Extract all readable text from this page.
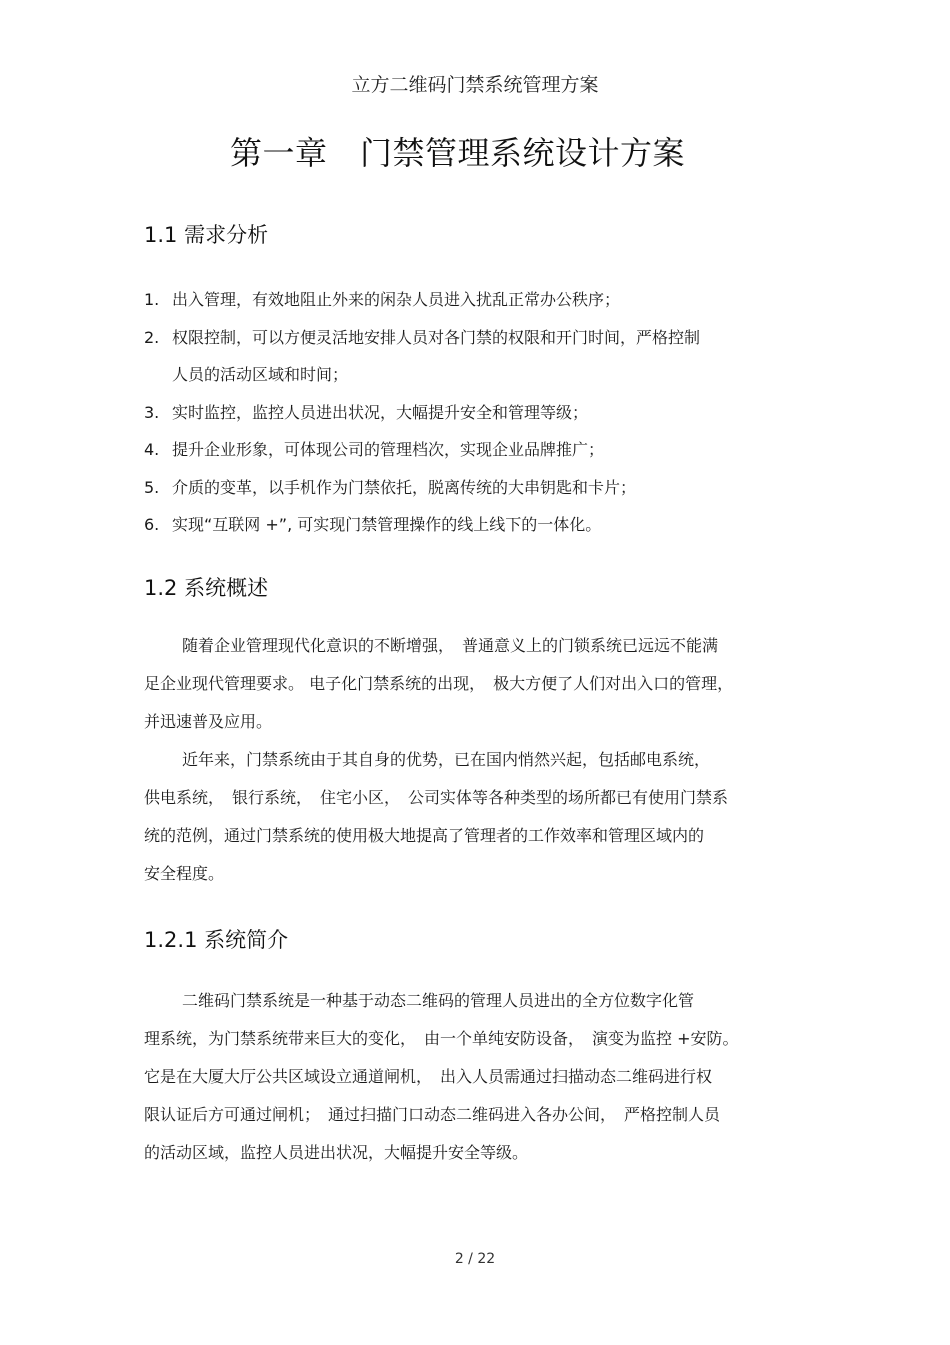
立方二维码门禁系统管理方案
第一章　门禁管理系统设计方案
1.1 需求分析
1. 出入管理，有效地阻止外来的闲杂人员进入扰乱正常办公秩序；
2. 权限控制，可以方便灵活地安排人员对各门禁的权限和开门时间，严格控制
人员的活动区域和时间；
3. 实时监控，监控人员进出状况，大幅提升安全和管理等级；
4. 提升企业形象，可体现公司的管理档次，实现企业品牌推广；
5. 介质的变革，以手机作为门禁依托，脱离传统的大串钥匙和卡片；
6. 实现“互联网 +”, 可实现门禁管理操作的线上线下的一体化。
1.2 系统概述
随着企业管理现代化意识的不断增强，　普通意义上的门锁系统已远远不能满
足企业现代管理要求。 电子化门禁系统的出现，　极大方便了人们对出入口的管理，
并迅速普及应用。
近年来，门禁系统由于其自身的优势，已在国内悄然兴起，包括邮电系统，
供电系统，　银行系统，　住宅小区，　公司实体等各种类型的场所都已有使用门禁系
统的范例，通过门禁系统的使用极大地提高了管理者的工作效率和管理区域内的
安全程度。
1.2.1 系统简介
二维码门禁系统是一种基于动态二维码的管理人员进出的全方位数字化管
理系统，为门禁系统带来巨大的变化，　由一个单纯安防设备，　演变为监控 +安防。
它是在大厦大厅公共区域设立通道闸机，　出入人员需通过扫描动态二维码进行权
限认证后方可通过闸机；　通过扫描门口动态二维码进入各办公间，　严格控制人员
的活动区域，监控人员进出状况，大幅提升安全等级。
2 / 22
